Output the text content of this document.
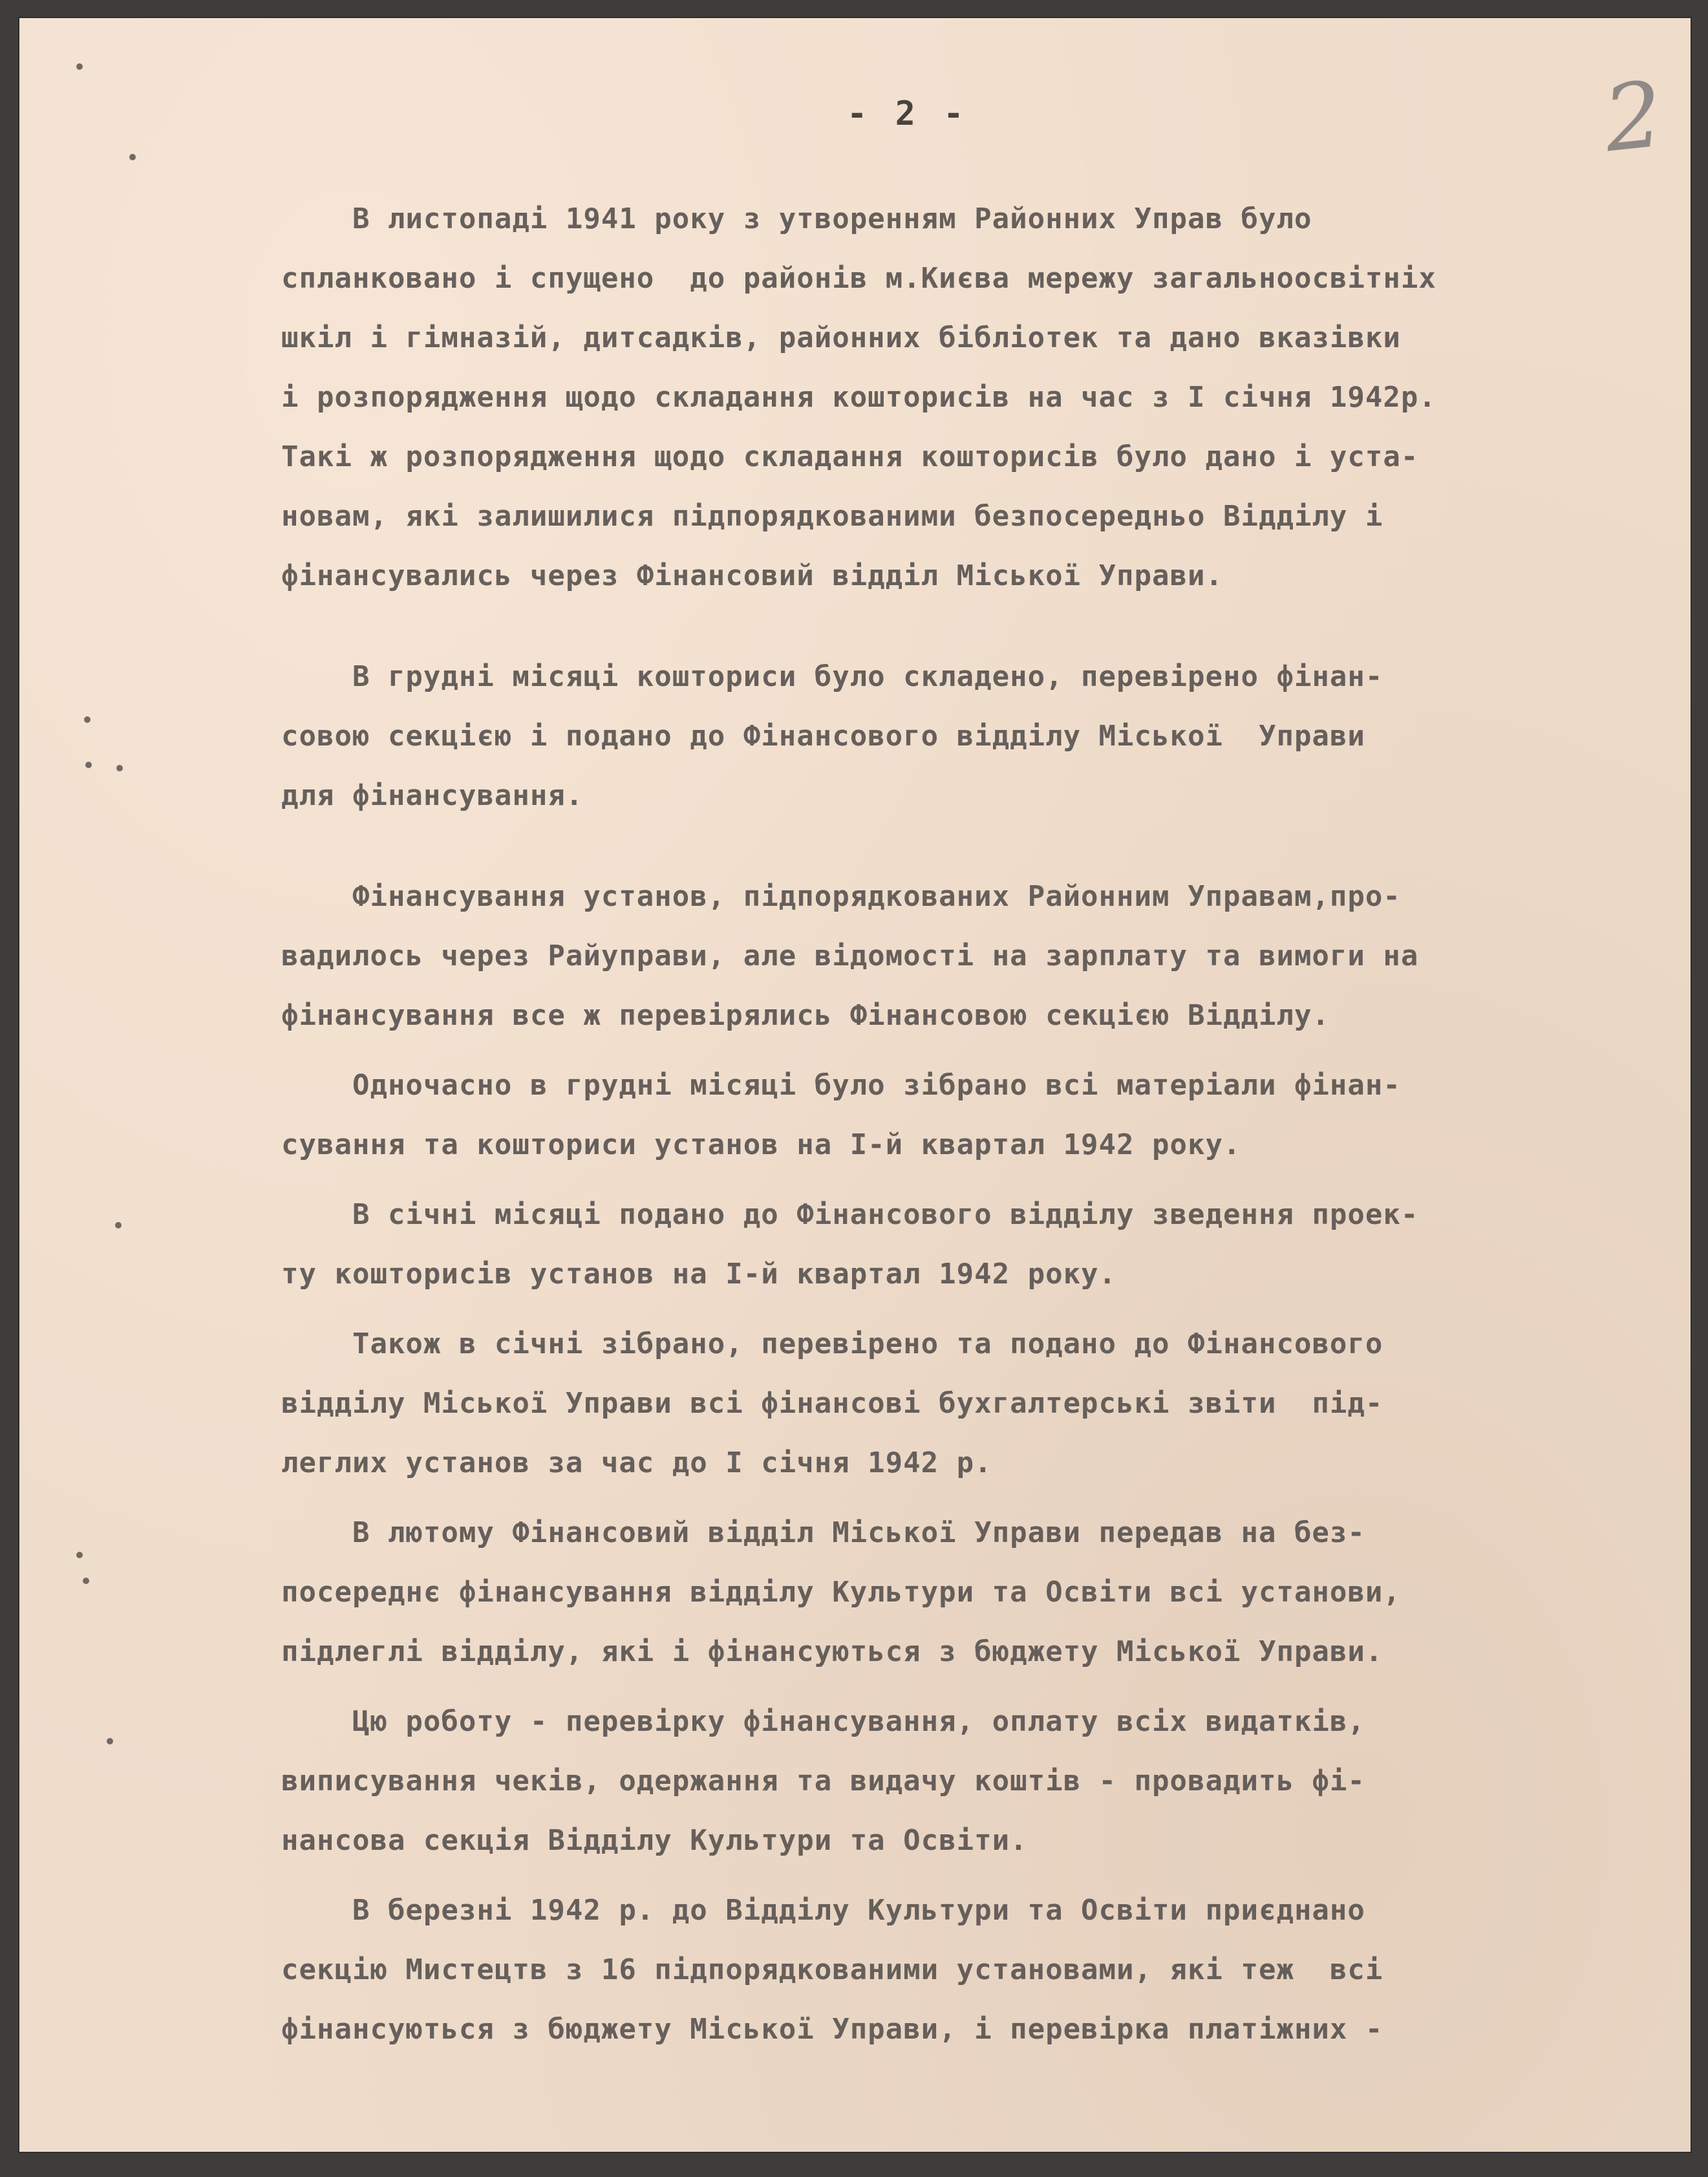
- 2 -	2
В листопаді 1941 року з утворенням Районних Управ було
спланковано і спущено  до районів м.Києва мережу загальноосвітніх
шкіл і гімназій, дитсадків, районних бібліотек та дано вказівки
і розпорядження щодо складання кошторисів на час з I січня 1942р.
Такі ж розпорядження щодо складання кошторисів було дано і уста-
новам, які залишилися підпорядкованими безпосередньо Відділу і
фінансувались через Фінансовий відділ Міської Управи.
В грудні місяці кошториси було складено, перевірено фінан-
совою секцією і подано до Фінансового відділу Міської  Управи
для фінансування.
Фінансування установ, підпорядкованих Районним Управам,про-
вадилось через Райуправи, але відомості на зарплату та вимоги на
фінансування все ж перевірялись Фінансовою секцією Відділу.
Одночасно в грудні місяці було зібрано всі матеріали фінан-
сування та кошториси установ на I-й квартал 1942 року.
В січні місяці подано до Фінансового відділу зведення проек-
ту кошторисів установ на I-й квартал 1942 року.
Також в січні зібрано, перевірено та подано до Фінансового
відділу Міської Управи всі фінансові бухгалтерські звіти  під-
леглих установ за час до I січня 1942 р.
В лютому Фінансовий відділ Міської Управи передав на без-
посереднє фінансування відділу Культури та Освіти всі установи,
підлеглі відділу, які і фінансуються з бюджету Міської Управи.
Цю роботу - перевірку фінансування, оплату всіх видатків,
виписування чеків, одержання та видачу коштів - провадить фі-
нансова секція Відділу Культури та Освіти.
В березні 1942 р. до Відділу Культури та Освіти приєднано
секцію Мистецтв з 16 підпорядкованими установами, які теж  всі
фінансуються з бюджету Міської Управи, і перевірка платіжних -
